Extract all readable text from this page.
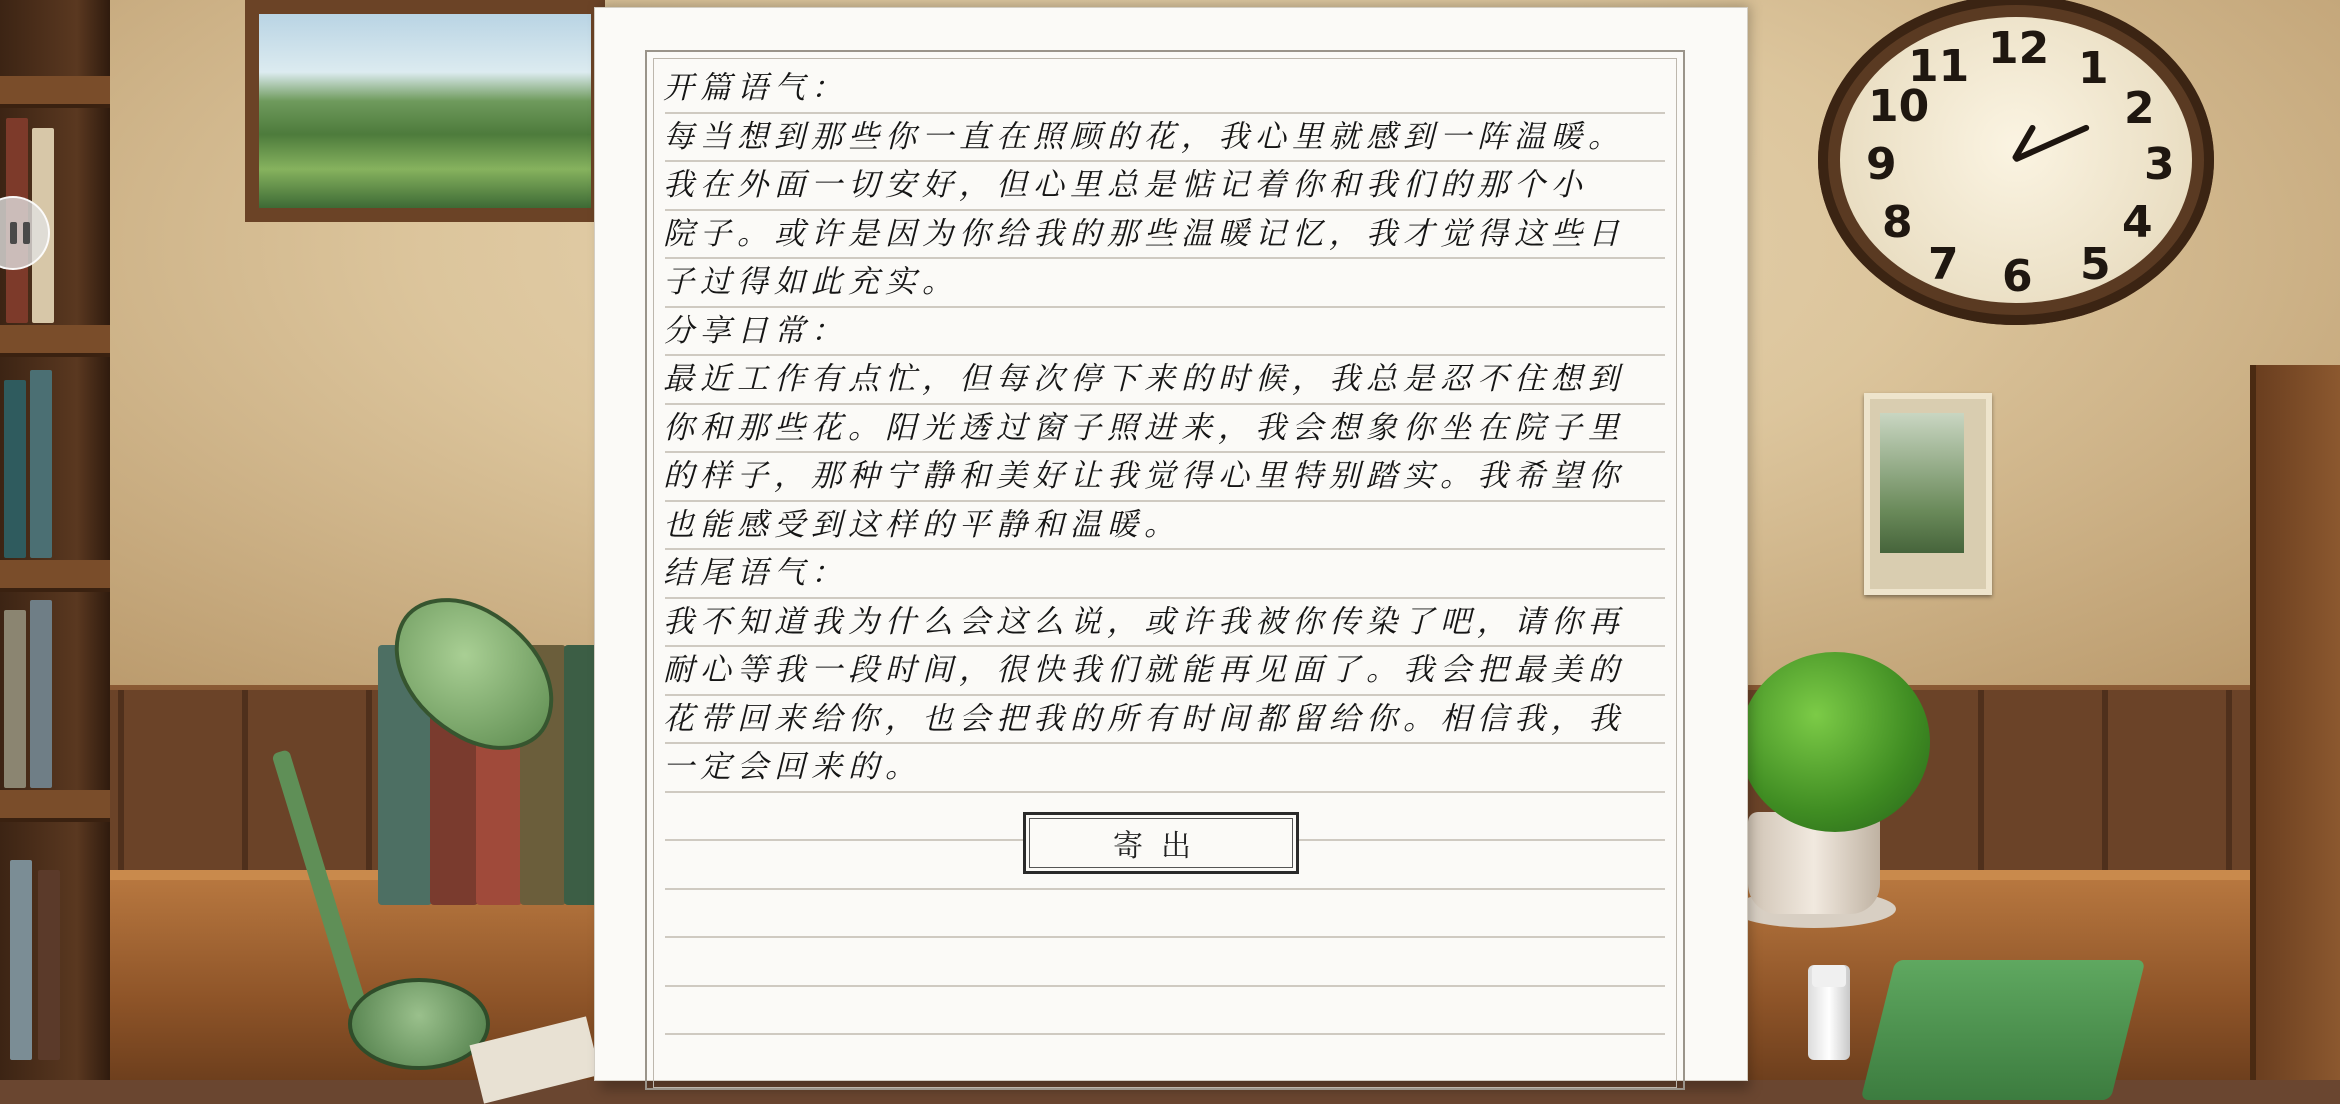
12 1
2
3
4
5
6
7
8
9
10
11
开篇语气：
每当想到那些你一直在照顾的花，我心里就感到一阵温暖。
我在外面一切安好，但心里总是惦记着你和我们的那个小
院子。或许是因为你给我的那些温暖记忆，我才觉得这些日
子过得如此充实。
分享日常：
最近工作有点忙，但每次停下来的时候，我总是忍不住想到
你和那些花。阳光透过窗子照进来，我会想象你坐在院子里
的样子，那种宁静和美好让我觉得心里特别踏实。我希望你
也能感受到这样的平静和温暖。
结尾语气：
我不知道我为什么会这么说，或许我被你传染了吧，请你再
耐心等我一段时间，很快我们就能再见面了。我会把最美的
花带回来给你，也会把我的所有时间都留给你。相信我，我
一定会回来的。
寄出
